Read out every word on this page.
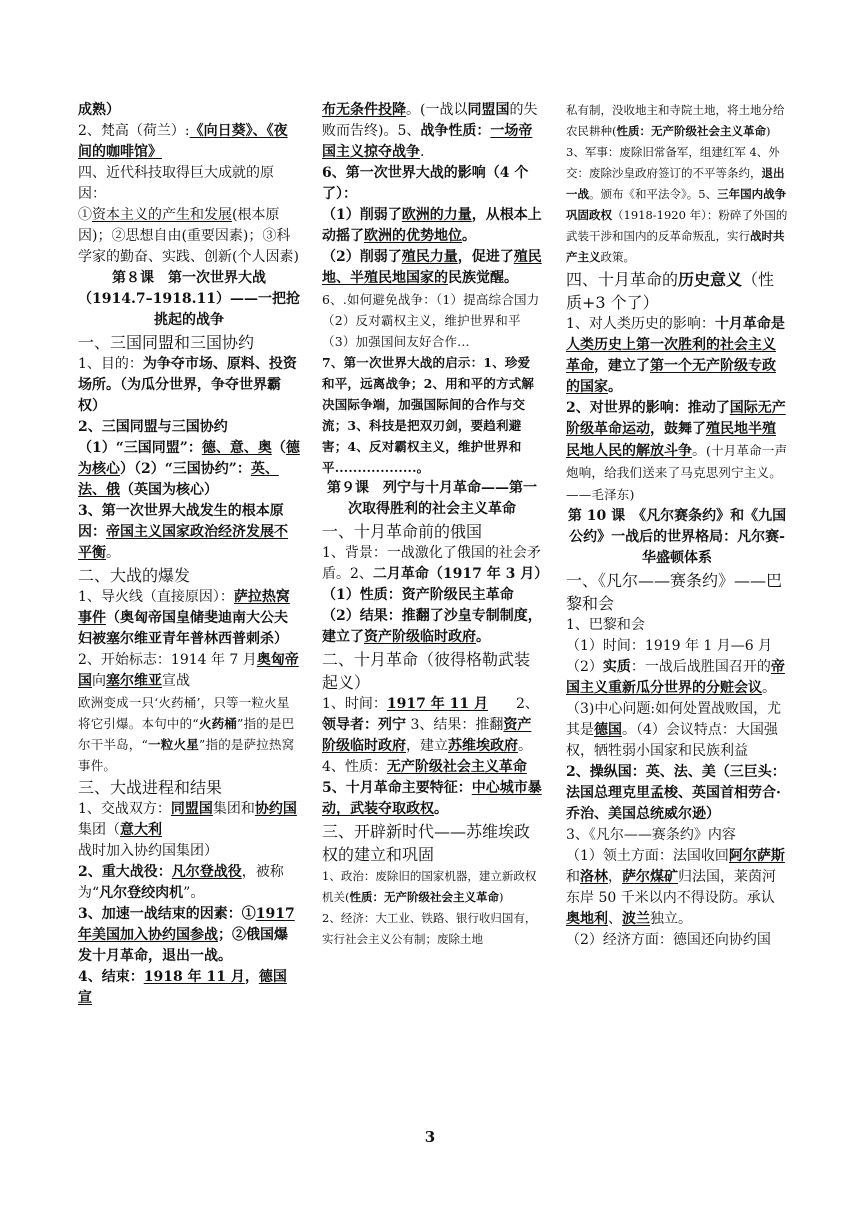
成熟）
2、梵高（荷兰）:《向日葵》、《夜间的咖啡馆》
四、近代科技取得巨大成就的原因：
①资本主义的产生和发展(根本原因)；②思想自由(重要因素)；③科学家的勤奋、实践、创新(个人因素)
第８课　第一次世界大战（1914.7–1918.11）——一把抢挑起的战争
一、三国同盟和三国协约
1、目的：为争夺市场、原料、投资场所。（为瓜分世界，争夺世界霸权）
2、三国同盟与三国协约
（1）“三国同盟”：德、意、奥（德为核心）（2）“三国协约”：英、法、俄（英国为核心）
3、第一次世界大战发生的根本原因：帝国主义国家政治经济发展不平衡。
二、大战的爆发
1、导火线（直接原因）：萨拉热窝事件（奥匈帝国皇储斐迪南大公夫妇被塞尔维亚青年普林西普刺杀）
2、开始标志：1914 年 7 月奥匈帝国向塞尔维亚宣战
欧洲变成一只‘火药桶’，只等一粒火星将它引爆。本句中的“火药桶”指的是巴尔干半岛，“一粒火星”指的是萨拉热窝事件。
三、大战进程和结果
1、交战双方：同盟国集团和协约国集团（意大利战时加入协约国集团）
2、重大战役：凡尔登战役，被称为“凡尔登绞肉机”。
3、加速一战结束的因素：①1917年美国加入协约国参战；②俄国爆发十月革命，退出一战。
4、结束：1918 年 11 月，德国宣
布无条件投降。(一战以同盟国的失败而告终)。5、战争性质：一场帝国主义掠夺战争.
6、第一次世界大战的影响（4 个了）：
（1）削弱了欧洲的力量，从根本上动摇了欧洲的优势地位。
（2）削弱了殖民力量，促进了殖民地、半殖民地国家的民族觉醒。
6、.如何避免战争：（1）提高综合国力（2）反对霸权主义，维护世界和平（3）加强国间友好合作...
7、第一次世界大战的启示：1、珍爱和平，远离战争；2、用和平的方式解决国际争端，加强国际间的合作与交流；3、科技是把双刃剑，要趋利避害；4、反对霸权主义，维护世界和平..................。
第９课　列宁与十月革命——第一次取得胜利的社会主义革命
一、十月革命前的俄国
1、背景：一战激化了俄国的社会矛盾。2、二月革命（1917 年 3 月）（1）性质：资产阶级民主革命（2）结果：推翻了沙皇专制制度，建立了资产阶级临时政府。
二、十月革命（彼得格勒武装起义）
1、时间：1917 年 11 月　　2、领导者：列宁 3、结果：推翻资产阶级临时政府，建立苏维埃政府。
4、性质：无产阶级社会主义革命
5、十月革命主要特征：中心城市暴动，武装夺取政权。
三、开辟新时代——苏维埃政权的建立和巩固
1、政治：废除旧的国家机器，建立新政权机关(性质：无产阶级社会主义革命)
2、经济：大工业、铁路、银行收归国有，实行社会主义公有制；废除土地
私有制，没收地主和寺院土地，将土地分给农民耕种(性质：无产阶级社会主义革命)
3、军事：废除旧常备军，组建红军 4、外交：废除沙皇政府签订的不平等条约，退出一战。颁布《和平法令》。5、三年国内战争巩固政权（1918-1920 年）：粉碎了外国的武装干涉和国内的反革命叛乱，实行战时共产主义政策。
四、十月革命的历史意义（性质+3 个了）
1、对人类历史的影响：十月革命是人类历史上第一次胜利的社会主义革命，建立了第一个无产阶级专政的国家。
2、对世界的影响：推动了国际无产阶级革命运动，鼓舞了殖民地半殖民地人民的解放斗争。(十月革命一声炮响，给我们送来了马克思列宁主义。——毛泽东)
第 10 课　《凡尔赛条约》和《九国公约》一战后的世界格局：凡尔赛-华盛顿体系
一、《凡尔——赛条约》——巴黎和会
1、巴黎和会
（1）时间：1919 年 1 月—6 月
（2）实质：一战后战胜国召开的帝国主义重新瓜分世界的分赃会议。
（3)中心问题:如何处置战败国，尤其是德国。（4）会议特点：大国强权，牺牲弱小国家和民族利益
2、操纵国：英、法、美（三巨头：法国总理克里孟梭、英国首相劳合·乔治、美国总统威尔逊）
3、《凡尔——赛条约》内容
（1）领土方面：法国收回阿尔萨斯和洛林，萨尔煤矿归法国，莱茵河东岸 50 千米以内不得设防。承认奥地利、波兰独立。
（2）经济方面：德国还向协约国
3
